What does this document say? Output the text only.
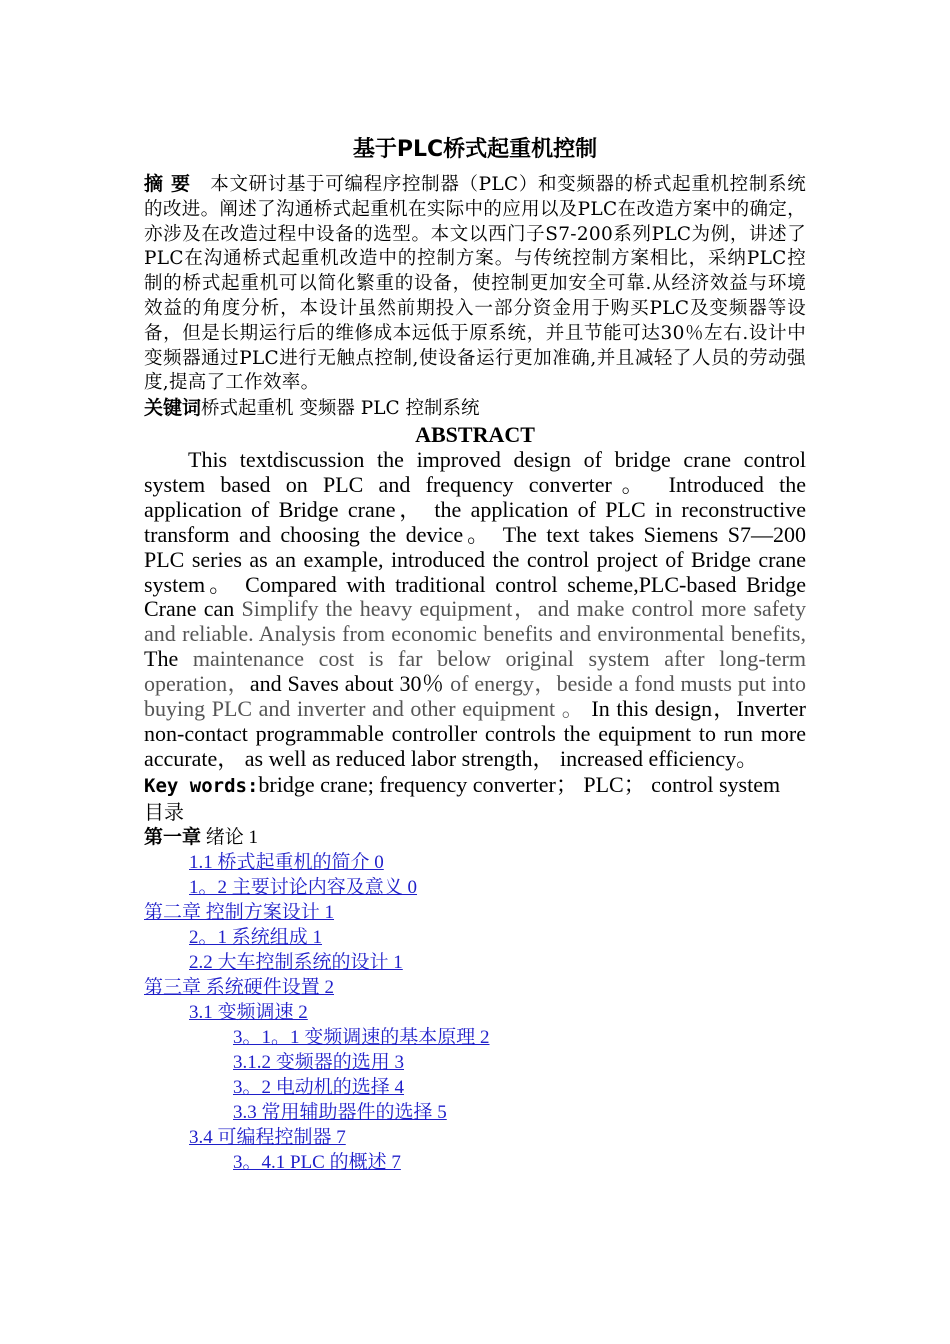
基于PLC桥式起重机控制

摘 要 本文研讨基于可编程序控制器（PLC）和变频器的桥式起重机控制系统的改进。阐述了沟通桥式起重机在实际中的应用以及PLC在改造方案中的确定，亦涉及在改造过程中设备的选型。本文以西门子S7-200系列PLC为例，讲述了PLC在沟通桥式起重机改造中的控制方案。与传统控制方案相比，采纳PLC控制的桥式起重机可以简化繁重的设备，使控制更加安全可靠.从经济效益与环境效益的角度分析，本设计虽然前期投入一部分资金用于购买PLC及变频器等设备，但是长期运行后的维修成本远低于原系统，并且节能可达30％左右.设计中变频器通过PLC进行无触点控制,使设备运行更加准确,并且减轻了人员的劳动强度,提高了工作效率。

关键词桥式起重机 变频器 PLC 控制系统

ABSTRACT

This textdiscussion the improved design of bridge crane control system based on PLC and frequency converter。 Introduced the application of Bridge crane， the application of PLC in reconstructive transform and choosing the device。 The text takes Siemens S7—200 PLC series as an example, introduced the control project of Bridge crane system。 Compared with traditional control scheme,PLC-based Bridge Crane can Simplify the heavy equipment，and make control more safety and reliable. Analysis from economic benefits and environmental benefits, The maintenance cost is far below original system after long-term operation，and Saves about 30％ of energy，beside a fond musts put into buying PLC and inverter and other equipment 。 In this design，Inverter non-contact programmable controller controls the equipment to run more accurate， as well as reduced labor strength， increased efficiency。

Key words:bridge crane; frequency converter； PLC； control system

目录

第一章 绪论 1

1.1 桥式起重机的简介 0

1。2 主要讨论内容及意义 0

第二章 控制方案设计 1

2。1 系统组成 1

2.2 大车控制系统的设计 1

第三章 系统硬件设置 2

3.1 变频调速 2

3。1。1 变频调速的基本原理 2

3.1.2 变频器的选用 3

3。2 电动机的选择 4

3.3 常用辅助器件的选择 5

3.4 可编程控制器 7

3。4.1 PLC 的概述 7
